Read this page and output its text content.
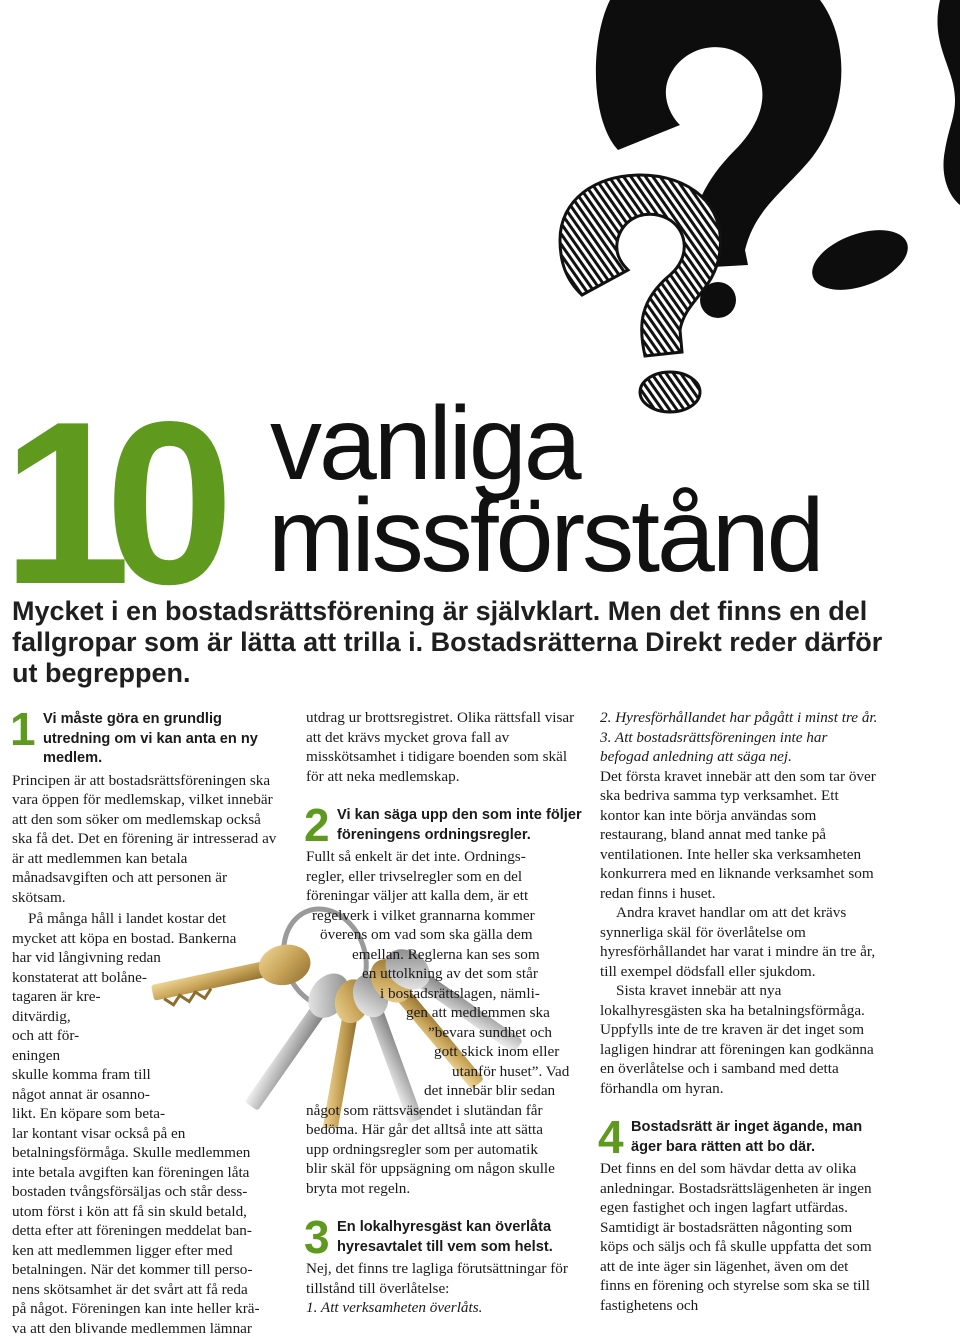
10 vanliga
missförstånd
Mycket i en bostadsrättsförening är självklart. Men det finns en del fallgropar som är lätta att trilla i. Bostadsrätterna Direkt reder därför ut begreppen.
1 Vi måste göra en grundlig utredning om vi kan anta en ny medlem.

Principen är att bostadsrättsföreningen ska vara öppen för medlemskap, vilket innebär att den som söker om medlemskap också ska få det. Det en förening är intresserad av är att medlemmen kan betala månadsavgiften och att personen är skötsam.

På många håll i landet kostar det
mycket att köpa en bostad. Bankerna
har vid långivning redan
konstaterat att bolåne-
tagaren är kre-
ditvärdig,
och att för-
eningen
skulle komma fram till
något annat är osanno-
likt. En köpare som beta-
lar kontant visar också på en
betalningsförmåga. Skulle medlemmen
inte betala avgiften kan föreningen låta
bostaden tvångsförsäljas och står dess-
utom först i kön att få sin skuld betald,
detta efter att föreningen meddelat ban-
ken att medlemmen ligger efter med
betalningen. När det kommer till perso-
nens skötsamhet är det svårt att få reda
på något. Föreningen kan inte heller krä-
va att den blivande medlemmen lämnar

utdrag ur brottsregistret. Olika rättsfall visar att det krävs mycket grova fall av misskötsamhet i tidigare boenden som skäl för att neka medlemskap.

2 Vi kan säga upp den som inte följer föreningens ordningsregler.
Fullt så enkelt är det inte. Ordnings-
regler, eller trivselregler som en del
föreningar väljer att kalla dem, är ett
regelverk i vilket grannarna kommer
överens om vad som ska gälla dem
emellan. Reglerna kan ses som
en uttolkning av det som står
i bostadsrättslagen, nämli-
gen att medlemmen ska
”bevara sundhet och
gott skick inom eller
utanför huset”. Vad
det innebär blir sedan
något som rättsväsendet i slutändan får
bedöma. Här går det alltså inte att sätta
upp ordningsregler som per automatik
blir skäl för uppsägning om någon skulle
bryta mot regeln.
3 En lokalhyresgäst kan överlåta hyresavtalet till vem som helst.

Nej, det finns tre lagliga förutsättningar för tillstånd till överlåtelse:

1. Att verksamheten överlåts.

2. Hyresförhållandet har pågått i minst tre år.

3. Att bostadsrättsföreningen inte har befogad anledning att säga nej.

Det första kravet innebär att den som tar över ska bedriva samma typ verksamhet. Ett kontor kan inte börja användas som restaurang, bland annat med tanke på ventilationen. Inte heller ska verksamheten konkurrera med en liknande verksamhet som redan finns i huset.

Andra kravet handlar om att det krävs synnerliga skäl för överlåtelse om hyresförhållandet har varat i mindre än tre år, till exempel dödsfall eller sjukdom.

Sista kravet innebär att nya lokalhyresgästen ska ha betalningsförmåga. Uppfylls inte de tre kraven är det inget som lagligen hindrar att föreningen kan godkänna en överlåtelse och i samband med detta förhandla om hyran.

4 Bostadsrätt är inget ägande, man äger bara rätten att bo där.

Det finns en del som hävdar detta av olika anledningar. Bostadsrättslägenheten är ingen egen fastighet och ingen lagfart utfärdas. Samtidigt är bostadsrätten någonting som köps och säljs och få skulle uppfatta det som att de inte äger sin lägenhet, även om det finns en förening och styrelse som ska se till fastighetens och
